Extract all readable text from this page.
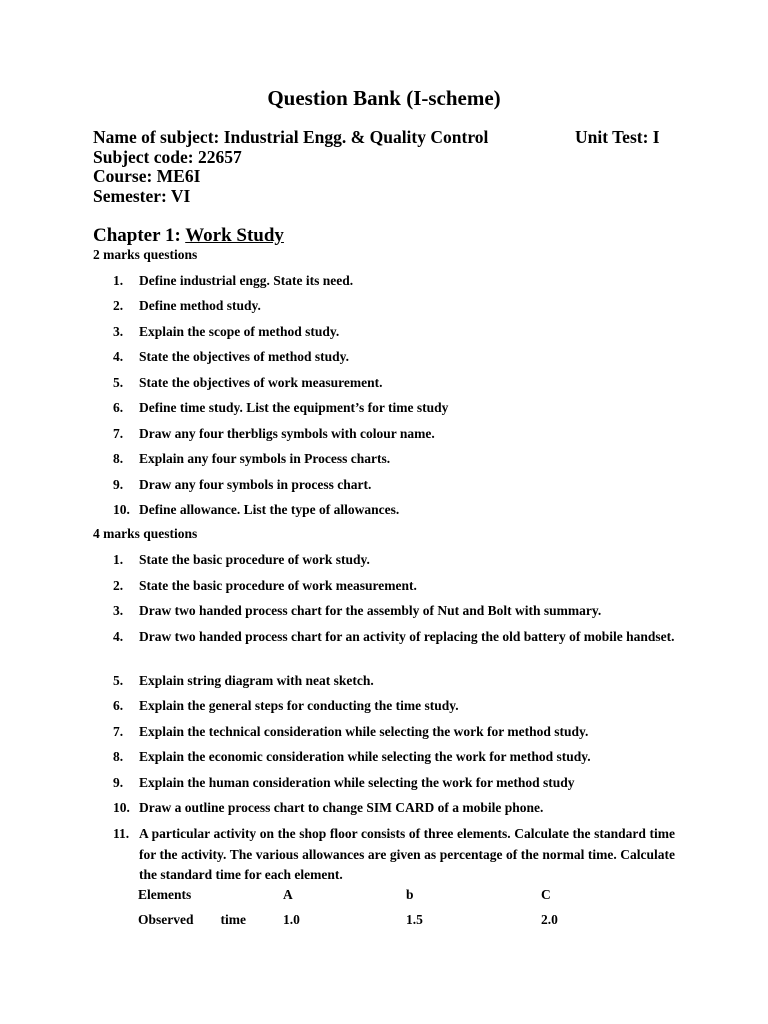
Question Bank (I-scheme)
Name of subject: Industrial Engg. & Quality Control	Unit Test: I
Subject code: 22657
Course: ME6I
Semester: VI
Chapter 1: Work Study

2 marks questions

1.	Define industrial engg. State its need.
2.	Define method study.
3.	Explain the scope of method study.
4.	State the objectives of method study.
5.	State the objectives of work measurement.
6.	Define time study. List the equipment’s for time study
7.	Draw any four therbligs symbols with colour name.
8.	Explain any four symbols in Process charts.
9.	Draw any four symbols in process chart.
10. Define allowance. List the type of allowances.

4 marks questions

1.	State the basic procedure of work study.
2.	State the basic procedure of work measurement.
3.	Draw two handed process chart for the assembly of Nut and Bolt with summary.
4.	Draw two handed process chart for an activity of replacing the old battery of mobile handset.
5.	Explain string diagram with neat sketch.
6.	Explain the general steps for conducting the time study.
7.	Explain the technical consideration while selecting the work for method study.
8.	Explain the economic consideration while selecting the work for method study.
9.	Explain the human consideration while selecting the work for method study
10. Draw a outline process chart to change SIM CARD of a mobile phone.
11. A particular activity on the shop floor consists of three elements. Calculate the standard time for the activity. The various allowances are given as percentage of the normal time. Calculate the standard time for each element.
Elements	A	b	C
Observed        time	1.0	1.5	2.0
